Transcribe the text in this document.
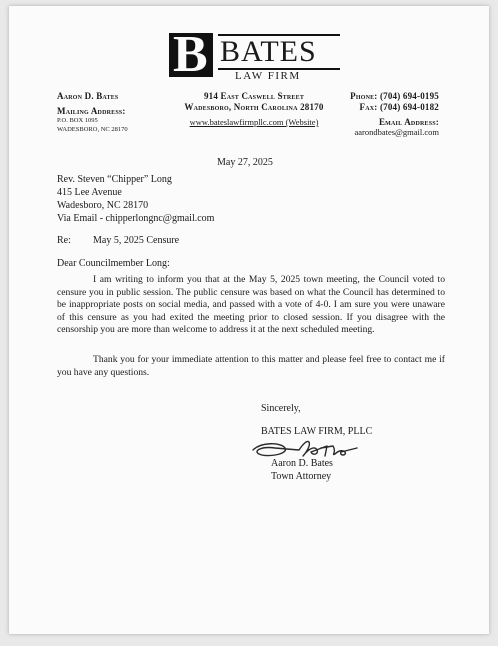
B BATES
LAW FIRM
Aaron D. Bates
Mailing Address:
P.O. BOX 1095
WADESBORO, NC 28170
914 East Caswell Street
Wadesboro, North Carolina 28170
www.bateslawfirmpllc.com (Website)
Phone: (704) 694-0195
Fax: (704) 694-0182
Email Address:
aarondbates@gmail.com
May 27, 2025
Rev. Steven “Chipper” Long
415 Lee Avenue
Wadesboro, NC 28170
Via Email - chipperlongnc@gmail.com
Re: May 5, 2025 Censure
Dear Councilmember Long:
I am writing to inform you that at the May 5, 2025 town meeting, the Council voted to censure you in public session. The public censure was based on what the Council has determined to be inappropriate posts on social media, and passed with a vote of 4-0. I am sure you were unaware of this censure as you had exited the meeting prior to closed session. If you disagree with the censorship you are more than welcome to address it at the next scheduled meeting.
Thank you for your immediate attention to this matter and please feel free to contact me if you have any questions.
Sincerely,
BATES LAW FIRM, PLLC
Aaron D. Bates
Town Attorney
